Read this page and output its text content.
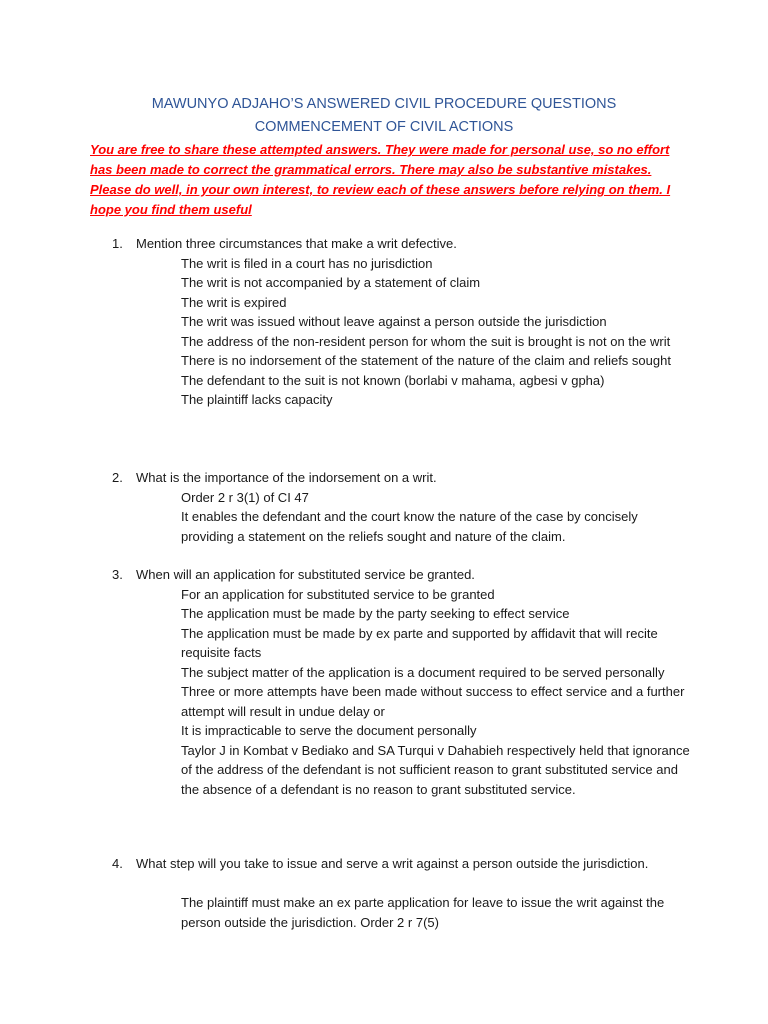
MAWUNYO ADJAHO’S ANSWERED CIVIL PROCEDURE QUESTIONS
COMMENCEMENT OF CIVIL ACTIONS

You are free to share these attempted answers. They were made for personal use, so no effort has been made to correct the grammatical errors. There may also be substantive mistakes. Please do well, in your own interest, to review each of these answers before relying on them. I hope you find them useful

1. Mention three circumstances that make a writ defective.

The writ is filed in a court has no jurisdiction

The writ is not accompanied by a statement of claim

The writ is expired

The writ was issued without leave against a person outside the jurisdiction

The address of the non-resident person for whom the suit is brought is not on the writ

There is no indorsement of the statement of the nature of the claim and reliefs sought

The defendant to the suit is not known (borlabi v mahama, agbesi v gpha)

The plaintiff lacks capacity

2. What is the importance of the indorsement on a writ.

Order 2 r 3(1) of CI 47

It enables the defendant and the court know the nature of the case by concisely providing a statement on the reliefs sought and nature of the claim.

3. When will an application for substituted service be granted.

For an application for substituted service to be granted

The application must be made by the party seeking to effect service

The application must be made by ex parte and supported by affidavit that will recite requisite facts

The subject matter of the application is a document required to be served personally

Three or more attempts have been made without success to effect service and a further attempt will result in undue delay or

It is impracticable to serve the document personally

Taylor J in Kombat v Bediako and SA Turqui v Dahabieh respectively held that ignorance of the address of the defendant is not sufficient reason to grant substituted service and the absence of a defendant is no reason to grant substituted service.

4. What step will you take to issue and serve a writ against a person outside the jurisdiction.

The plaintiff must make an ex parte application for leave to issue the writ against the person outside the jurisdiction. Order 2 r 7(5)
